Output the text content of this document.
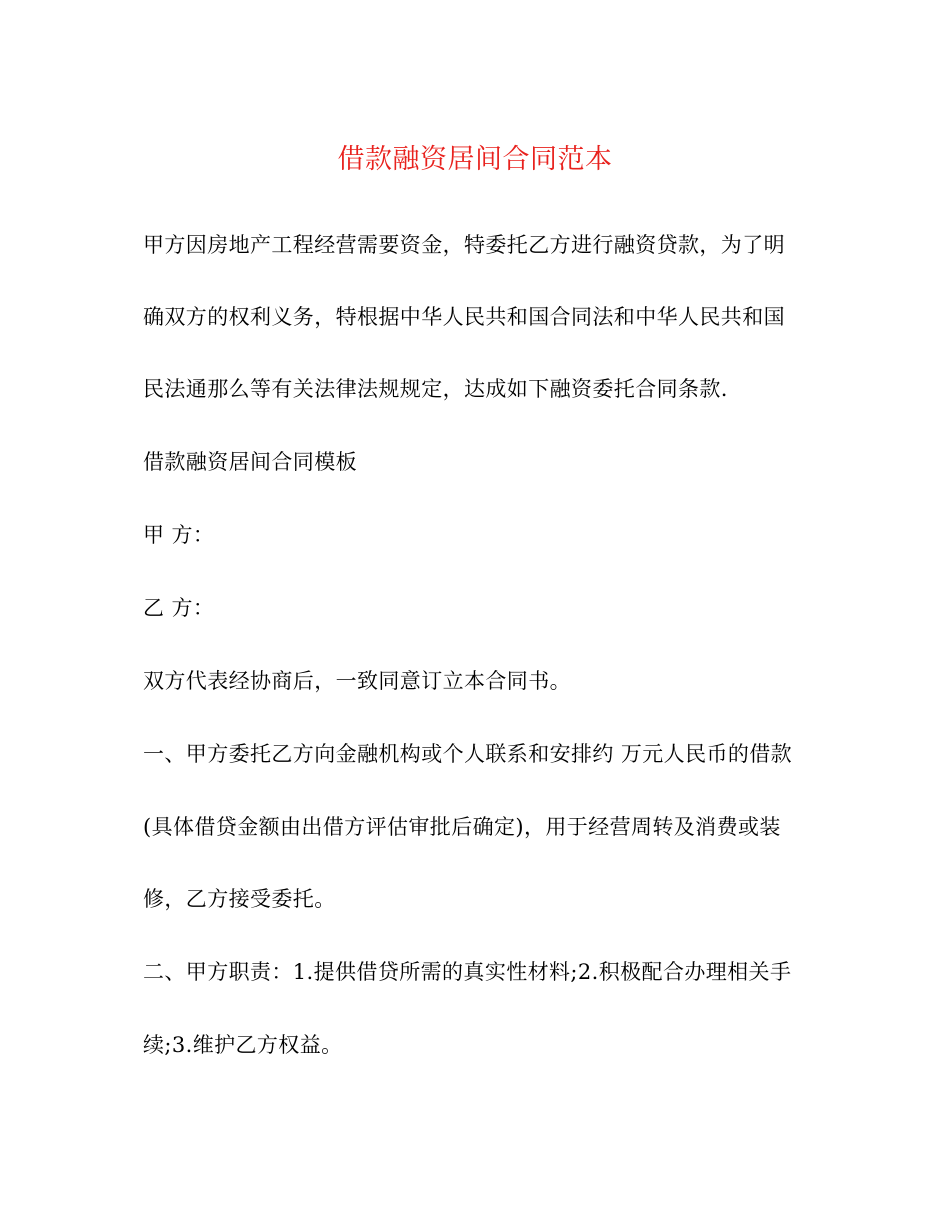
借款融资居间合同范本
甲方因房地产工程经营需要资金，特委托乙方进行融资贷款，为了明
确双方的权利义务，特根据中华人民共和国合同法和中华人民共和国
民法通那么等有关法律法规规定，达成如下融资委托合同条款.
借款融资居间合同模板
甲 方：
乙 方：
双方代表经协商后，一致同意订立本合同书。
一、甲方委托乙方向金融机构或个人联系和安排约 万元人民币的借款
(具体借贷金额由出借方评估审批后确定)，用于经营周转及消费或装
修，乙方接受委托。
二、甲方职责：1.提供借贷所需的真实性材料;2.积极配合办理相关手
续;3.维护乙方权益。
